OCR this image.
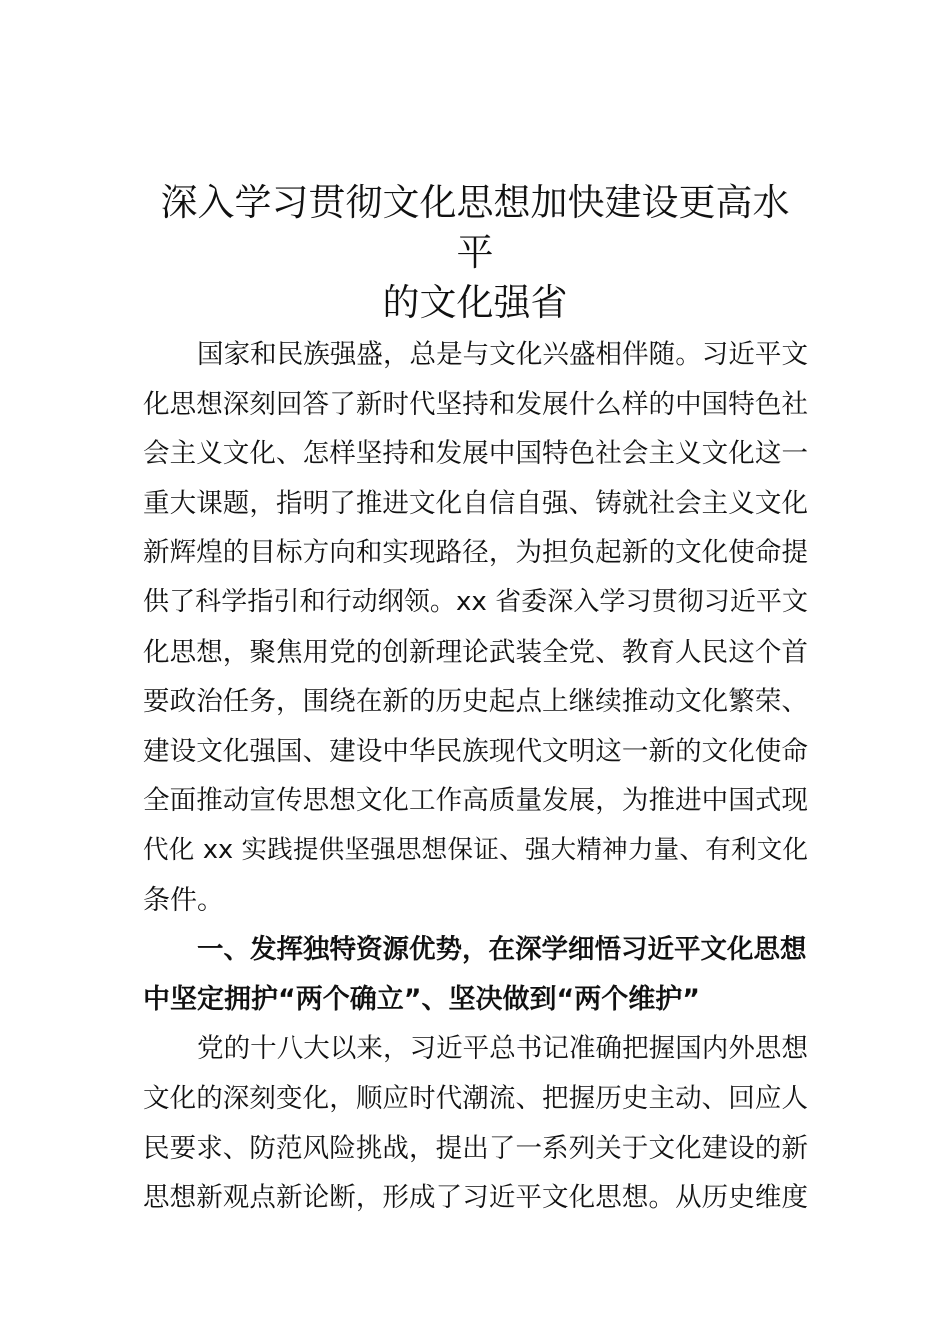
深入学习贯彻文化思想加快建设更高水平
的文化强省
国家和民族强盛，总是与文化兴盛相伴随。习近平文
化思想深刻回答了新时代坚持和发展什么样的中国特色社
会主义文化、怎样坚持和发展中国特色社会主义文化这一
重大课题，指明了推进文化自信自强、铸就社会主义文化
新辉煌的目标方向和实现路径，为担负起新的文化使命提
供了科学指引和行动纲领。xx 省委深入学习贯彻习近平文
化思想，聚焦用党的创新理论武装全党、教育人民这个首
要政治任务，围绕在新的历史起点上继续推动文化繁荣、
建设文化强国、建设中华民族现代文明这一新的文化使命
全面推动宣传思想文化工作高质量发展，为推进中国式现
代化 xx 实践提供坚强思想保证、强大精神力量、有利文化
条件。
一、发挥独特资源优势，在深学细悟习近平文化思想
中坚定拥护“两个确立”、坚决做到“两个维护”
党的十八大以来，习近平总书记准确把握国内外思想
文化的深刻变化，顺应时代潮流、把握历史主动、回应人
民要求、防范风险挑战，提出了一系列关于文化建设的新
思想新观点新论断，形成了习近平文化思想。从历史维度
